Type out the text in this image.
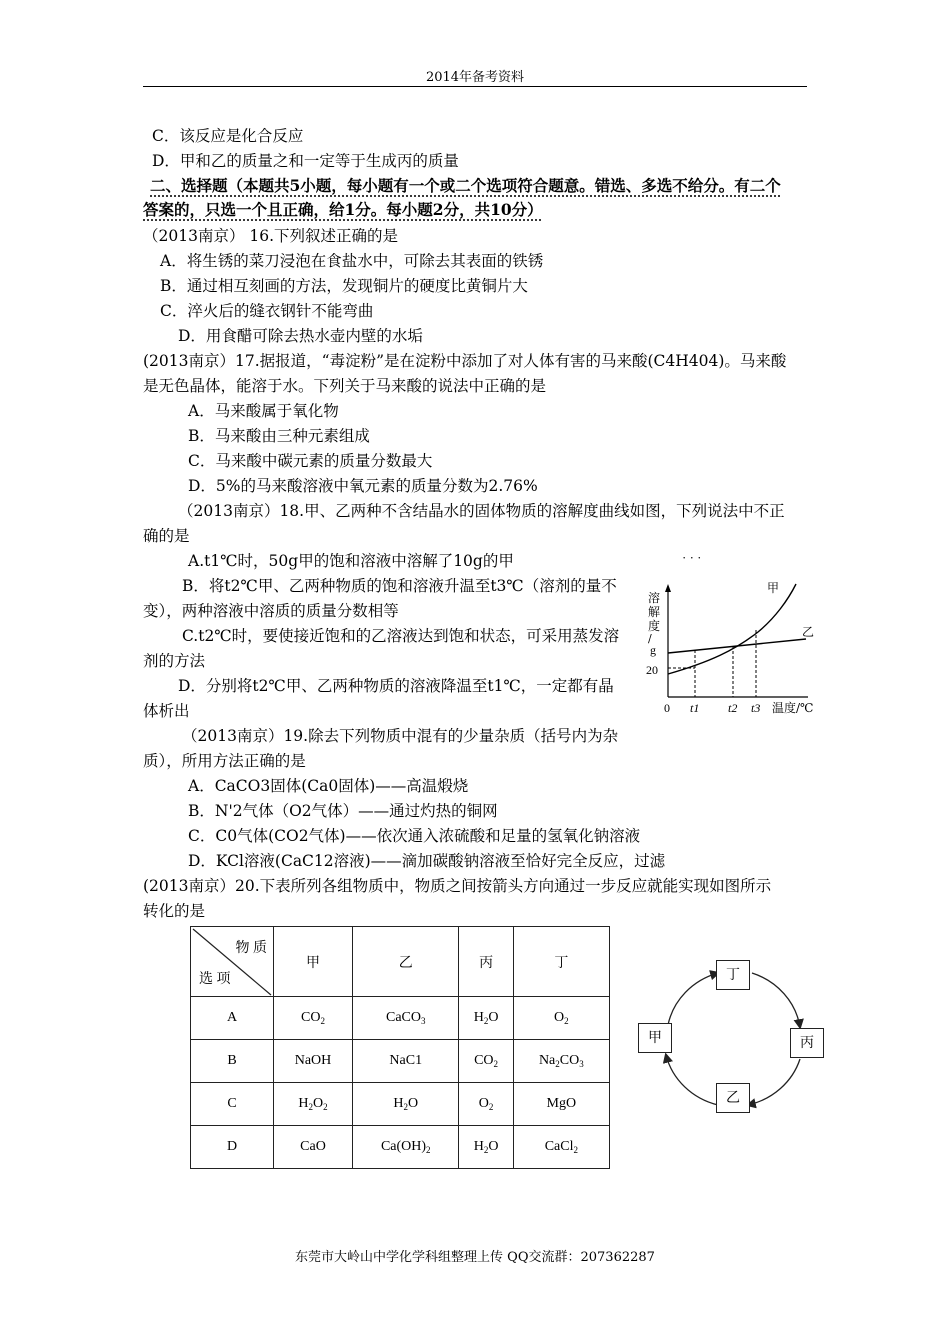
2014年备考资料
C．该反应是化合反应
D．甲和乙的质量之和一定等于生成丙的质量
二、选择题（本题共5小题，每小题有一个或二个选项符合题意。错选、多选不给分。有二个
答案的，只选一个且正确，给1分。每小题2分，共10分）
（2013南京） 16.下列叙述正确的是
A．将生锈的菜刀浸泡在食盐水中，可除去其表面的铁锈
B．通过相互刻画的方法，发现铜片的硬度比黄铜片大
C．淬火后的缝衣钢针不能弯曲
D．用食醋可除去热水壶内壁的水垢
(2013南京）17.据报道，“毒淀粉”是在淀粉中添加了对人体有害的马来酸(C4H404)。马来酸
是无色晶体，能溶于水。下列关于马来酸的说法中正确的是
A．马来酸属于氧化物
B．马来酸由三种元素组成
C．马来酸中碳元素的质量分数最大
D．5%的马来酸溶液中氧元素的质量分数为2.76%
（2013南京）18.甲、乙两种不含结晶水的固体物质的溶解度曲线如图，下列说法中不正
确的是
A.t1℃时，50g甲的饱和溶液中溶解了10g的甲
B．将t2℃甲、乙两种物质的饱和溶液升温至t3℃（溶剂的量不
变），两种溶液中溶质的质量分数相等
C.t2℃时，要使接近饱和的乙溶液达到饱和状态，可采用蒸发溶
剂的方法
D．分别将t2℃甲、乙两种物质的溶液降温至t1℃，一定都有晶
体析出
· · ·
溶
解
度
/
g
20
0
甲
乙
t1 t2 t3 温度/℃
（2013南京）19.除去下列物质中混有的少量杂质（括号内为杂
质），所用方法正确的是
A．CaCO3固体(Ca0固体)——高温煅烧
B．N'2气体（O2气体）——通过灼热的铜网
C．C0气体(CO2气体)——依次通入浓硫酸和足量的氢氧化钠溶液
D．KCl溶液(CaC12溶液)——滴加碳酸钠溶液至恰好完全反应，过滤
(2013南京）20.下表所列各组物质中，物质之间按箭头方向通过一步反应就能实现如图所示
转化的是
物 质
选 项	甲	乙	丙	丁
A	$CO_2$	CaCO$_3$	$H_2O$	$O_2$
B	NaOH	NaC1	$CO_2$	$Na_2CO_3$
C	$H_2O_2$	$H_2O$	$O_2$	MgO
D	CaO	$Ca(OH)_2$	$H_2O$	CaCl$_2$
丁
甲	丙
乙
东莞市大岭山中学化学科组整理上传 QQ交流群：207362287
